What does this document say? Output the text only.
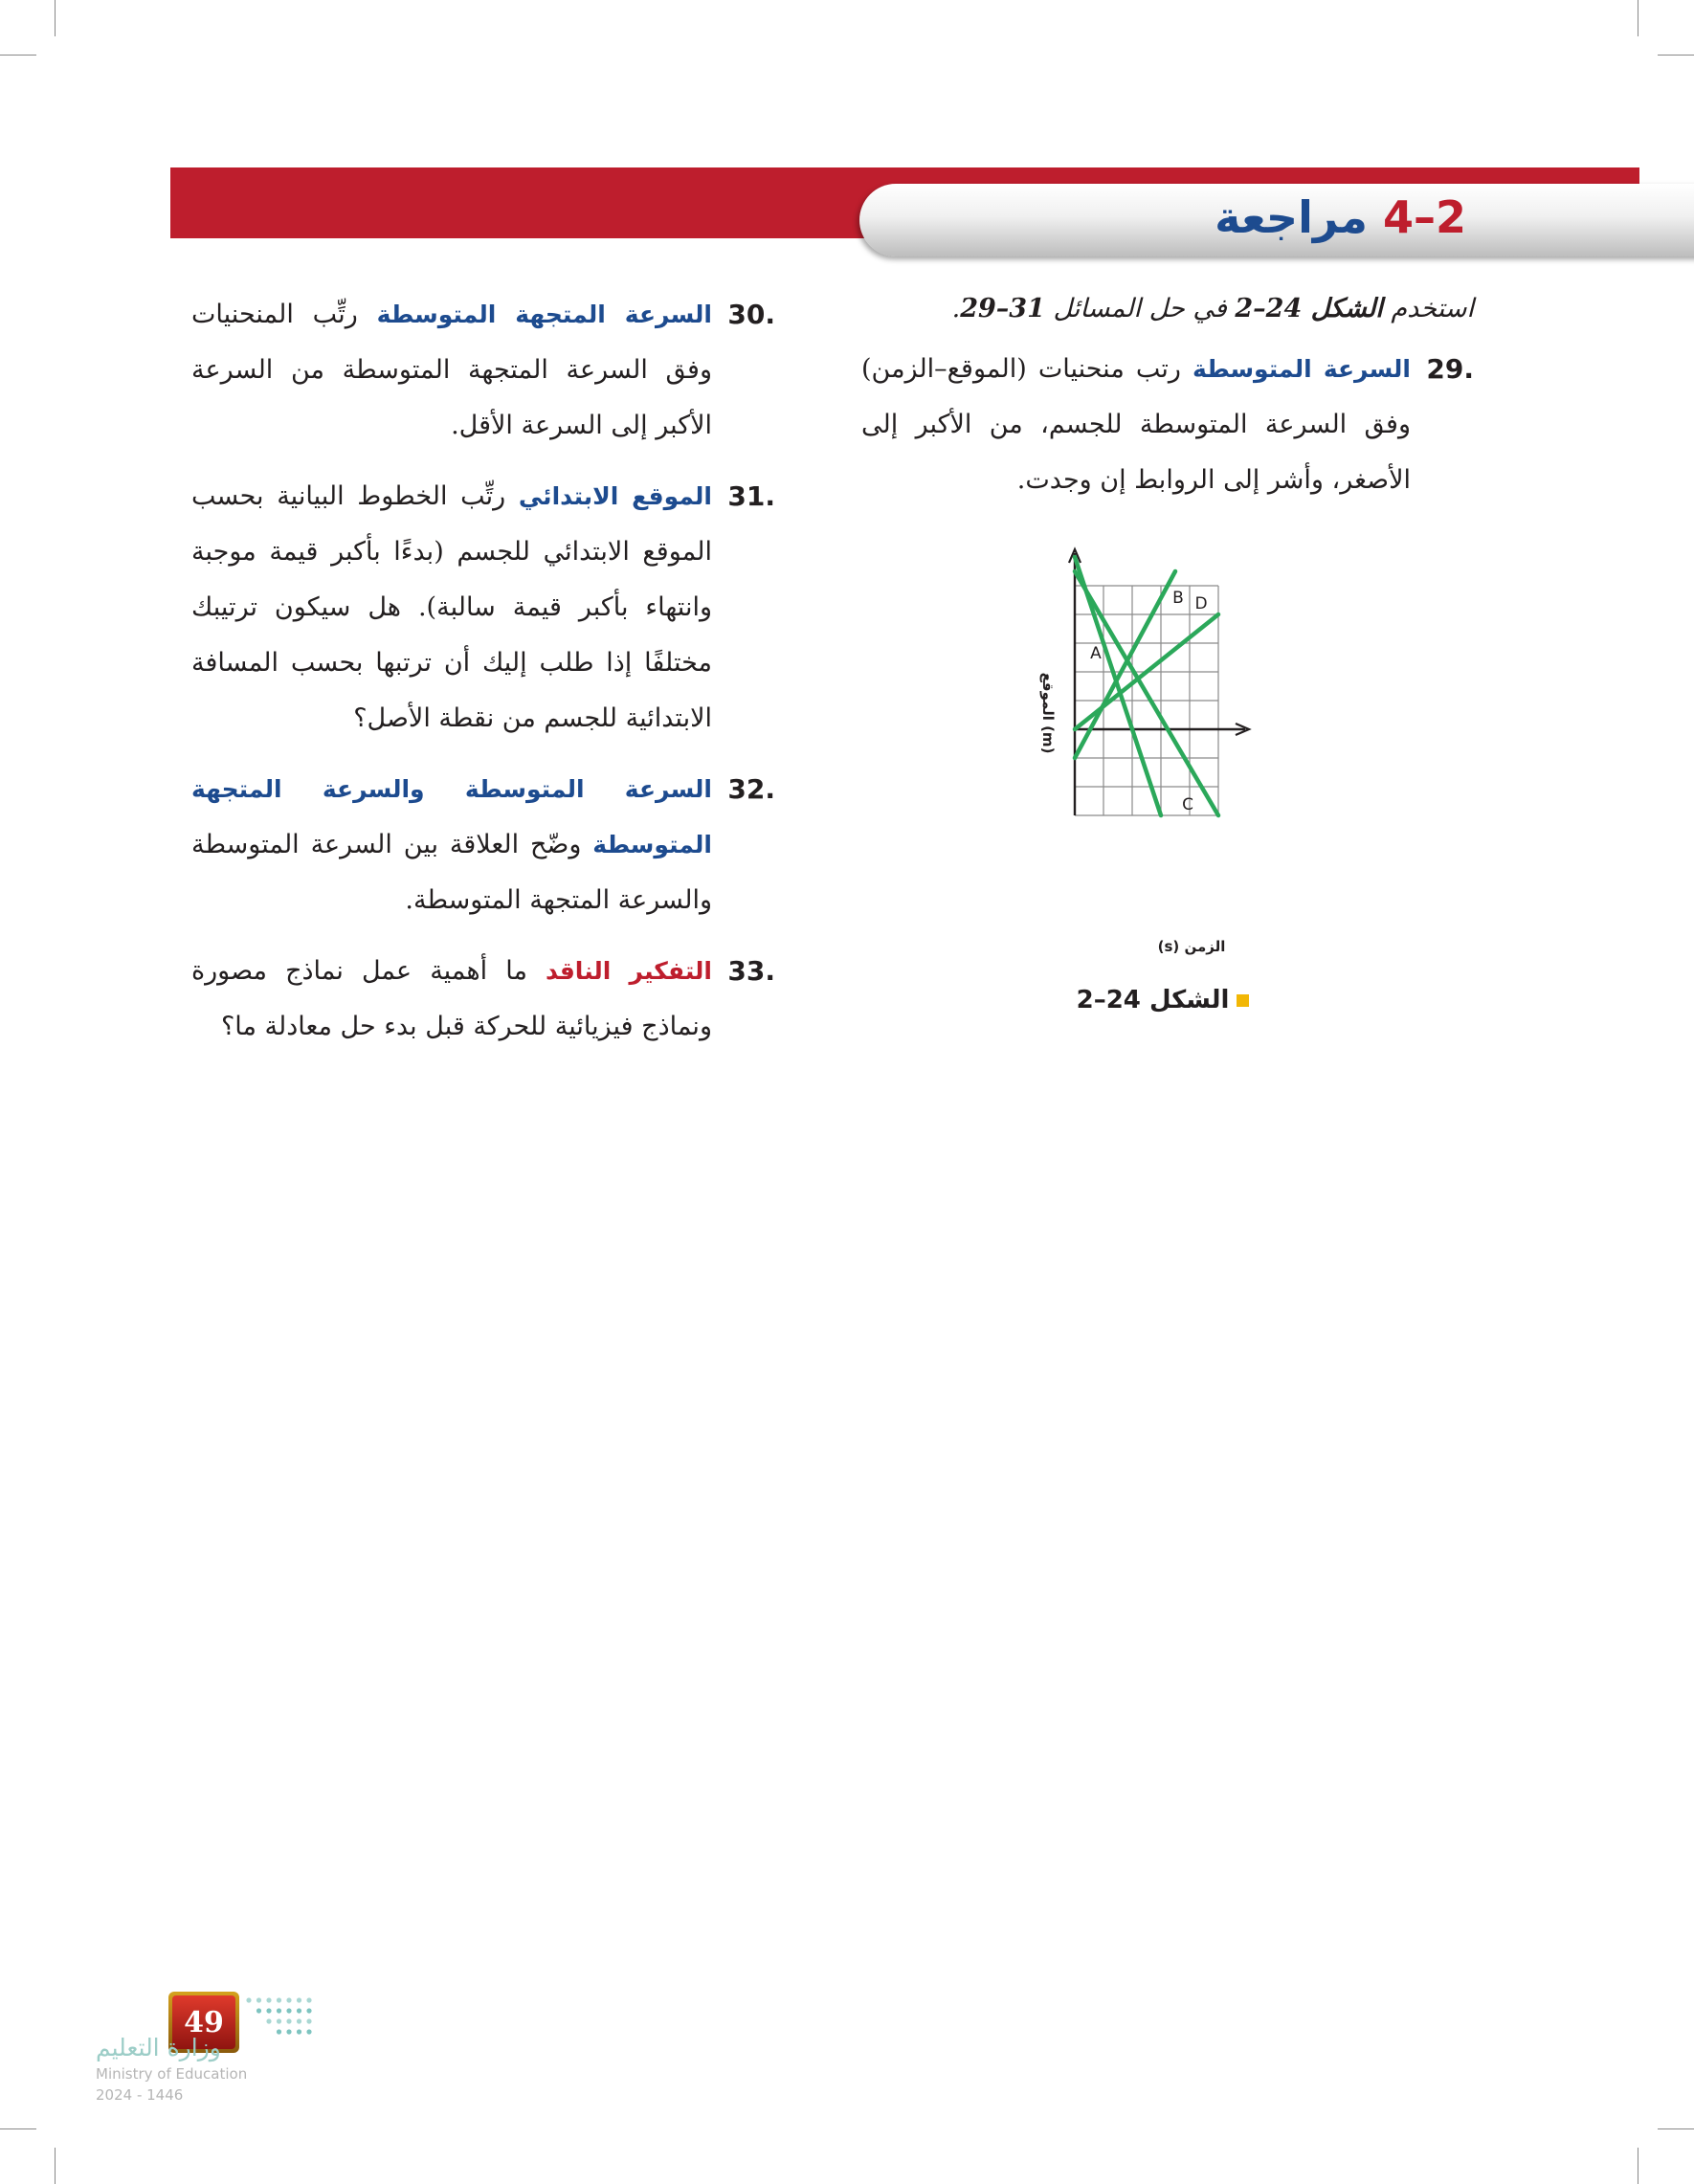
2–4 مراجعة

استخدم الشكل 24–2 في حل المسائل 31–29.

29.
السرعة المتوسطة رتب منحنيات (الموقع–الزمن) وفق السرعة المتوسطة للجسم، من الأكبر إلى الأصغر، وأشر إلى الروابط إن وجدت.
A
B
C
D
الموقع (m)
الزمن (s)
الشكل 24–2
30.
السرعة المتجهة المتوسطة رتِّب المنحنيات وفق السرعة المتجهة المتوسطة من السرعة الأكبر إلى السرعة الأقل.
31.
الموقع الابتدائي رتِّب الخطوط البيانية بحسب الموقع الابتدائي للجسم (بدءًا بأكبر قيمة موجبة وانتهاء بأكبر قيمة سالبة). هل سيكون ترتيبك مختلفًا إذا طلب إليك أن ترتبها بحسب المسافة الابتدائية للجسم من نقطة الأصل؟
32.
السرعة المتوسطة والسرعة المتجهة المتوسطة وضّح العلاقة بين السرعة المتوسطة والسرعة المتجهة المتوسطة.
33.
التفكير الناقد ما أهمية عمل نماذج مصورة ونماذج فيزيائية للحركة قبل بدء حل معادلة ما؟
49
وزارة التعليم
Ministry of Education
2024 - 1446
